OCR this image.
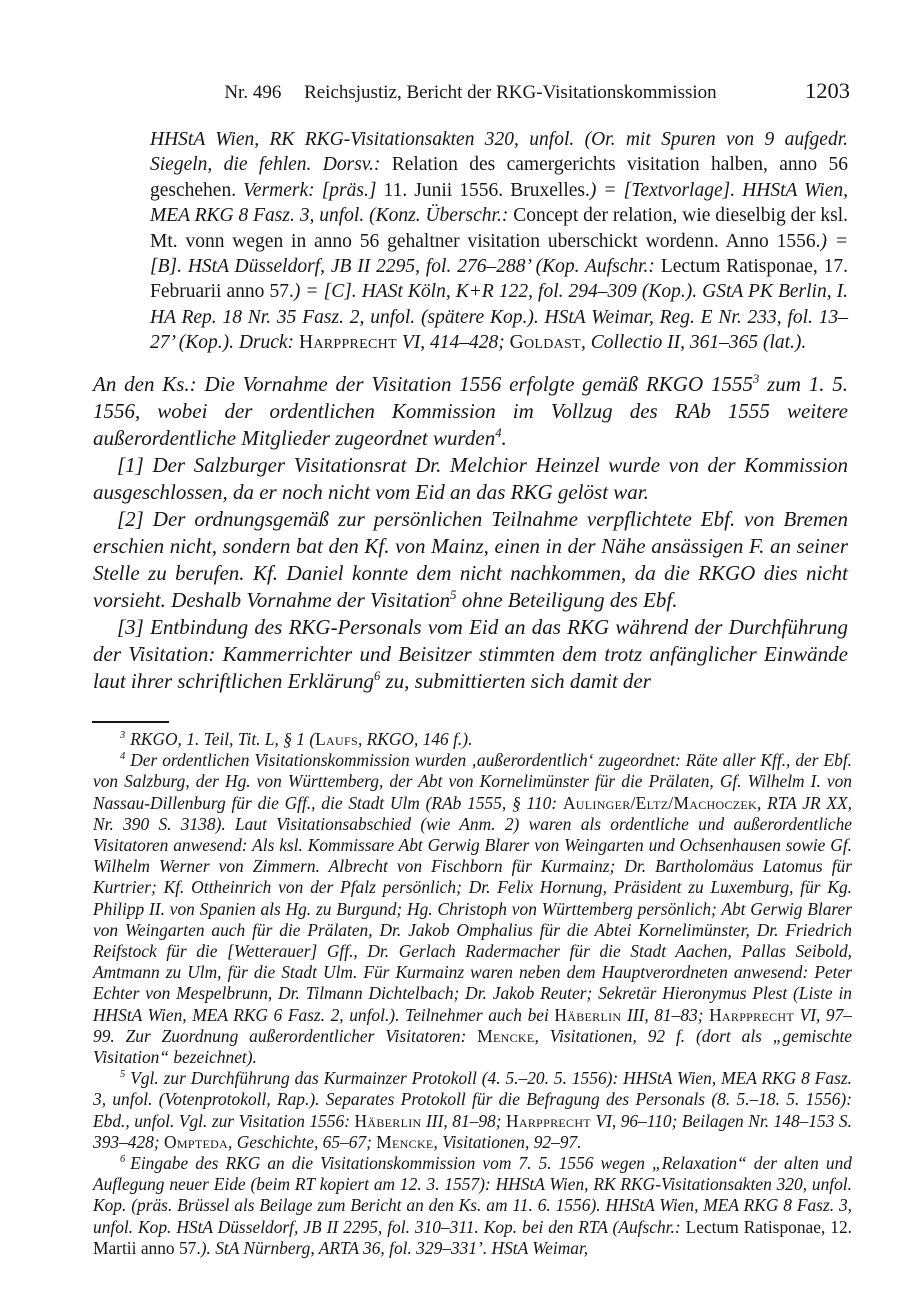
Nr. 496 Reichsjustiz, Bericht der RKG-Visitationskommission	1203
HHStA Wien, RK RKG-Visitationsakten 320, unfol. (Or. mit Spuren von 9 aufgedr. Siegeln, die fehlen. Dorsv.: Relation des camergerichts visitation halben, anno 56 geschehen. Vermerk: [präs.] 11. Junii 1556. Bruxelles.) = [Textvorlage]. HHStA Wien, MEA RKG 8 Fasz. 3, unfol. (Konz. Überschr.: Concept der relation, wie dieselbig der ksl. Mt. vonn wegen in anno 56 gehaltner visitation uberschickt wordenn. Anno 1556.) = [B]. HStA Düsseldorf, JB II 2295, fol. 276–288’ (Kop. Aufschr.: Lectum Ratisponae, 17. Februarii anno 57.) = [C]. HASt Köln, K+R 122, fol. 294–309 (Kop.). GStA PK Berlin, I. HA Rep. 18 Nr. 35 Fasz. 2, unfol. (spätere Kop.). HStA Weimar, Reg. E Nr. 233, fol. 13–27’ (Kop.). Druck: Harpprecht VI, 414–428; Goldast, Collectio II, 361–365 (lat.).

An den Ks.: Die Vornahme der Visitation 1556 erfolgte gemäß RKGO 1555$^3$ zum 1. 5. 1556, wobei der ordentlichen Kommission im Vollzug des RAb 1555 weitere außerordentliche Mitglieder zugeordnet wurden$^4$.

[1] Der Salzburger Visitationsrat Dr. Melchior Heinzel wurde von der Kommission ausgeschlossen, da er noch nicht vom Eid an das RKG gelöst war.

[2] Der ordnungsgemäß zur persönlichen Teilnahme verpflichtete Ebf. von Bremen erschien nicht, sondern bat den Kf. von Mainz, einen in der Nähe ansässigen F. an seiner Stelle zu berufen. Kf. Daniel konnte dem nicht nachkommen, da die RKGO dies nicht vorsieht. Deshalb Vornahme der Visitation$^5$ ohne Beteiligung des Ebf.

[3] Entbindung des RKG-Personals vom Eid an das RKG während der Durchführung der Visitation: Kammerrichter und Beisitzer stimmten dem trotz anfänglicher Einwände laut ihrer schriftlichen Erklärung$^6$ zu, submittierten sich damit der

$^3$ RKGO, 1. Teil, Tit. L, § 1 (Laufs, RKGO, 146 f.).

$^4$ Der ordentlichen Visitationskommission wurden ‚außerordentlich‘ zugeordnet: Räte aller Kff., der Ebf. von Salzburg, der Hg. von Württemberg, der Abt von Kornelimünster für die Prälaten, Gf. Wilhelm I. von Nassau-Dillenburg für die Gff., die Stadt Ulm (RAb 1555, § 110: Aulinger/Eltz/Machoczek, RTA JR XX, Nr. 390 S. 3138). Laut Visitationsabschied (wie Anm. 2) waren als ordentliche und außerordentliche Visitatoren anwesend: Als ksl. Kommissare Abt Gerwig Blarer von Weingarten und Ochsenhausen sowie Gf. Wilhelm Werner von Zimmern. Albrecht von Fischborn für Kurmainz; Dr. Bartholomäus Latomus für Kurtrier; Kf. Ottheinrich von der Pfalz persönlich; Dr. Felix Hornung, Präsident zu Luxemburg, für Kg. Philipp II. von Spanien als Hg. zu Burgund; Hg. Christoph von Württemberg persönlich; Abt Gerwig Blarer von Weingarten auch für die Prälaten, Dr. Jakob Omphalius für die Abtei Kornelimünster, Dr. Friedrich Reifstock für die [Wetterauer] Gff., Dr. Gerlach Radermacher für die Stadt Aachen, Pallas Seibold, Amtmann zu Ulm, für die Stadt Ulm. Für Kurmainz waren neben dem Hauptverordneten anwesend: Peter Echter von Mespelbrunn, Dr. Tilmann Dichtelbach; Dr. Jakob Reuter; Sekretär Hieronymus Plest (Liste in HHStA Wien, MEA RKG 6 Fasz. 2, unfol.). Teilnehmer auch bei Häberlin III, 81–83; Harpprecht VI, 97–99. Zur Zuordnung außerordentlicher Visitatoren: Mencke, Visitationen, 92 f. (dort als „gemischte Visitation“ bezeichnet).

$^5$ Vgl. zur Durchführung das Kurmainzer Protokoll (4. 5.–20. 5. 1556): HHStA Wien, MEA RKG 8 Fasz. 3, unfol. (Votenprotokoll, Rap.). Separates Protokoll für die Befragung des Personals (8. 5.–18. 5. 1556): Ebd., unfol. Vgl. zur Visitation 1556: Häberlin III, 81–98; Harpprecht VI, 96–110; Beilagen Nr. 148–153 S. 393–428; Ompteda, Geschichte, 65–67; Mencke, Visitationen, 92–97.

$^6$ Eingabe des RKG an die Visitationskommission vom 7. 5. 1556 wegen „Relaxation“ der alten und Auflegung neuer Eide (beim RT kopiert am 12. 3. 1557): HHStA Wien, RK RKG-Visitationsakten 320, unfol. Kop. (präs. Brüssel als Beilage zum Bericht an den Ks. am 11. 6. 1556). HHStA Wien, MEA RKG 8 Fasz. 3, unfol. Kop. HStA Düsseldorf, JB II 2295, fol. 310–311. Kop. bei den RTA (Aufschr.: Lectum Ratisponae, 12. Martii anno 57.). StA Nürnberg, ARTA 36, fol. 329–331’. HStA Weimar,
